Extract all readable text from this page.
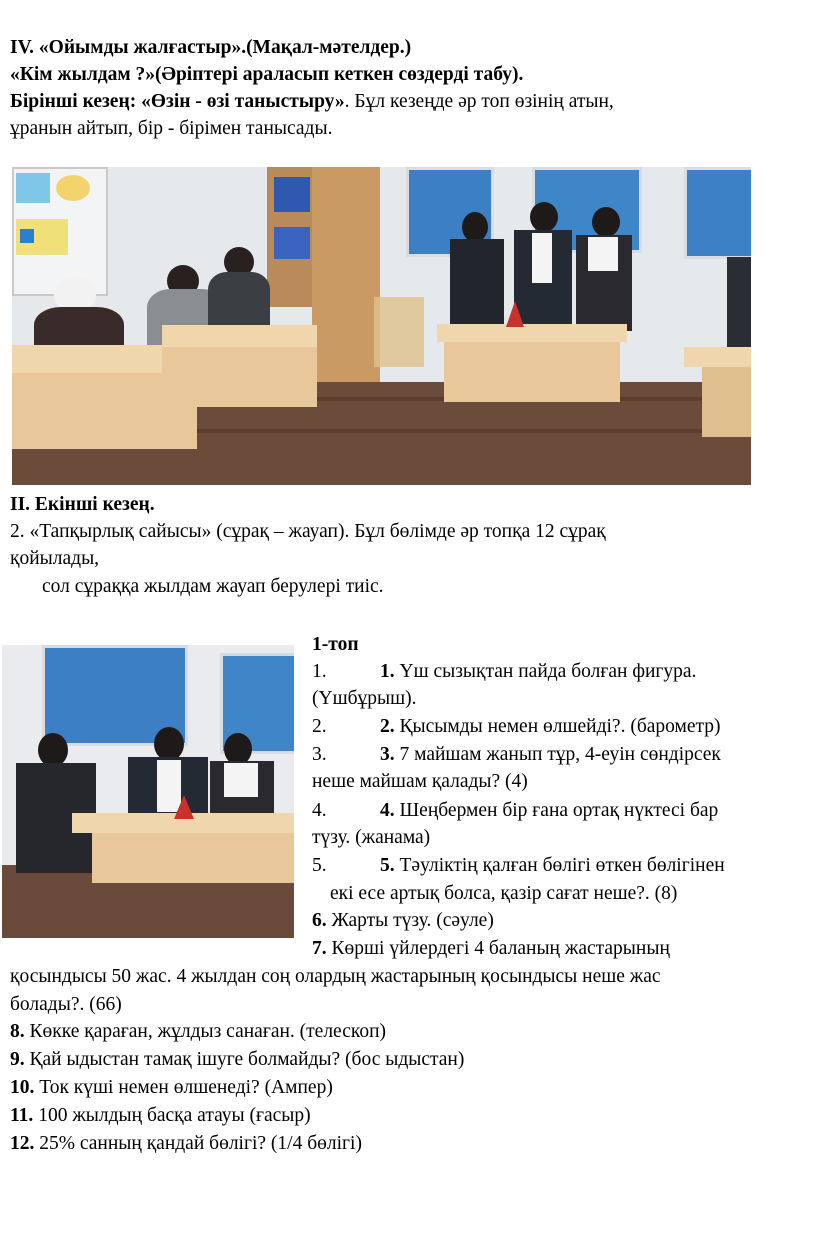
IV. «Ойымды жалғастыр».(Мақал-мәтелдер.)
«Кім жылдам ?»(Әріптері араласып кеткен сөздерді табу).
Бірінші кезең: «Өзін - өзі таныстыру». Бұл кезеңде әр топ өзінің атын,
ұранын айтып, бір - бірімен танысады.
ІІ. Екінші кезең.
2. «Тапқырлық сайысы» (сұрақ – жауап). Бұл бөлімде әр топқа 12 сұрақ
қойылады,
сол сұраққа жылдам жауап берулері тиіс.
1-топ
1.	1. Үш сызықтан пайда болған фигура.
(Үшбұрыш).
2.	2. Қысымды немен өлшейді?. (барометр)
3.	3. 7 майшам жанып тұр, 4-еуін сөндірсек
неше майшам қалады? (4)
4.	4. Шеңбермен бір ғана ортақ нүктесі бар
түзу. (жанама)
5.	5. Тәуліктің қалған бөлігі өткен бөлігінен
екі есе артық болса, қазір сағат неше?. (8)
6. Жарты түзу. (сәуле)
7. Көрші үйлердегі 4 баланың жастарының
қосындысы 50 жас. 4 жылдан соң олардың жастарының қосындысы неше жас
болады?. (66)
8. Көкке қараған, жұлдыз санаған. (телескоп)
9. Қай ыдыстан тамақ ішуге болмайды? (бос ыдыстан)
10. Ток күші немен өлшенеді? (Ампер)
11. 100 жылдың басқа атауы (ғасыр)
12. 25% санның қандай бөлігі? (1/4 бөлігі)
